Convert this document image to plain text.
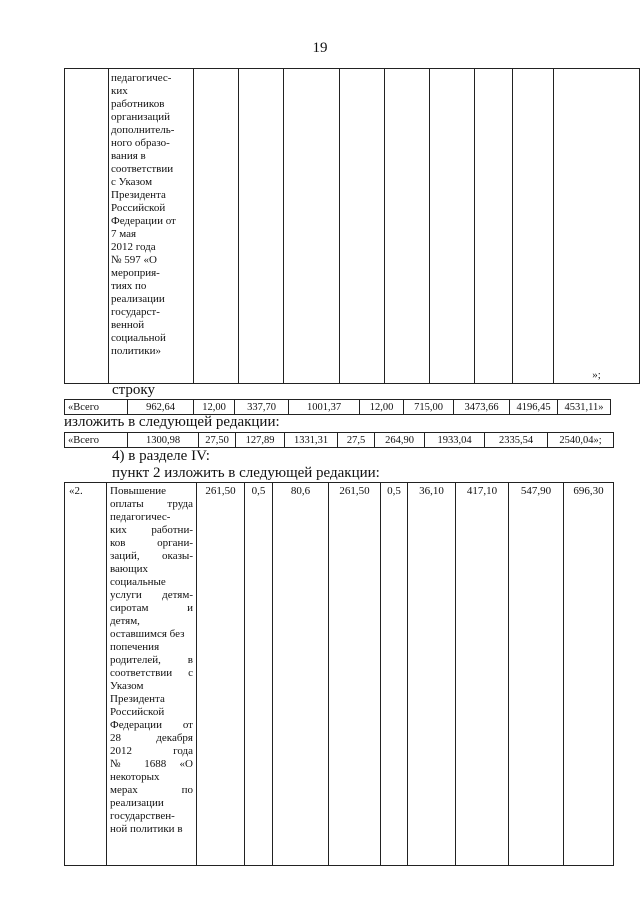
19

педагогичес-
ких
работников
организаций
дополнитель-
ного образо-
вания в
соответствии
с Указом
Президента
Российской
Федерации от
7 мая
2012 года
№ 597 «О
мероприя-
тиях по
реализации
государст-
венной
социальной
политики»
									»;
строку
«Всего	962,64	12,00	337,70	1001,37	12,00	715,00	3473,66	4196,45	4531,11»
изложить в следующей редакции:
«Всего	1300,98	27,50	127,89	1331,31	27,5	264,90	1933,04	2335,54	2540,04»;
4) в разделе IV:
пункт 2 изложить в следующей редакции:
«2.	Повышение
оплаты труда
педагогичес-
ких работни-
ков органи-
заций, оказы-
вающих
социальные
услуги детям-
сиротам и
детям,
оставшимся без
попечения
родителей, в
соответствии с
Указом
Президента
Российской
Федерации от
28 декабря
2012 года
№ 1688 «О
некоторых
мерах по
реализации
государствен-
ной политики в
	261,50	0,5	80,6	261,50	0,5	36,10	417,10	547,90	696,30
